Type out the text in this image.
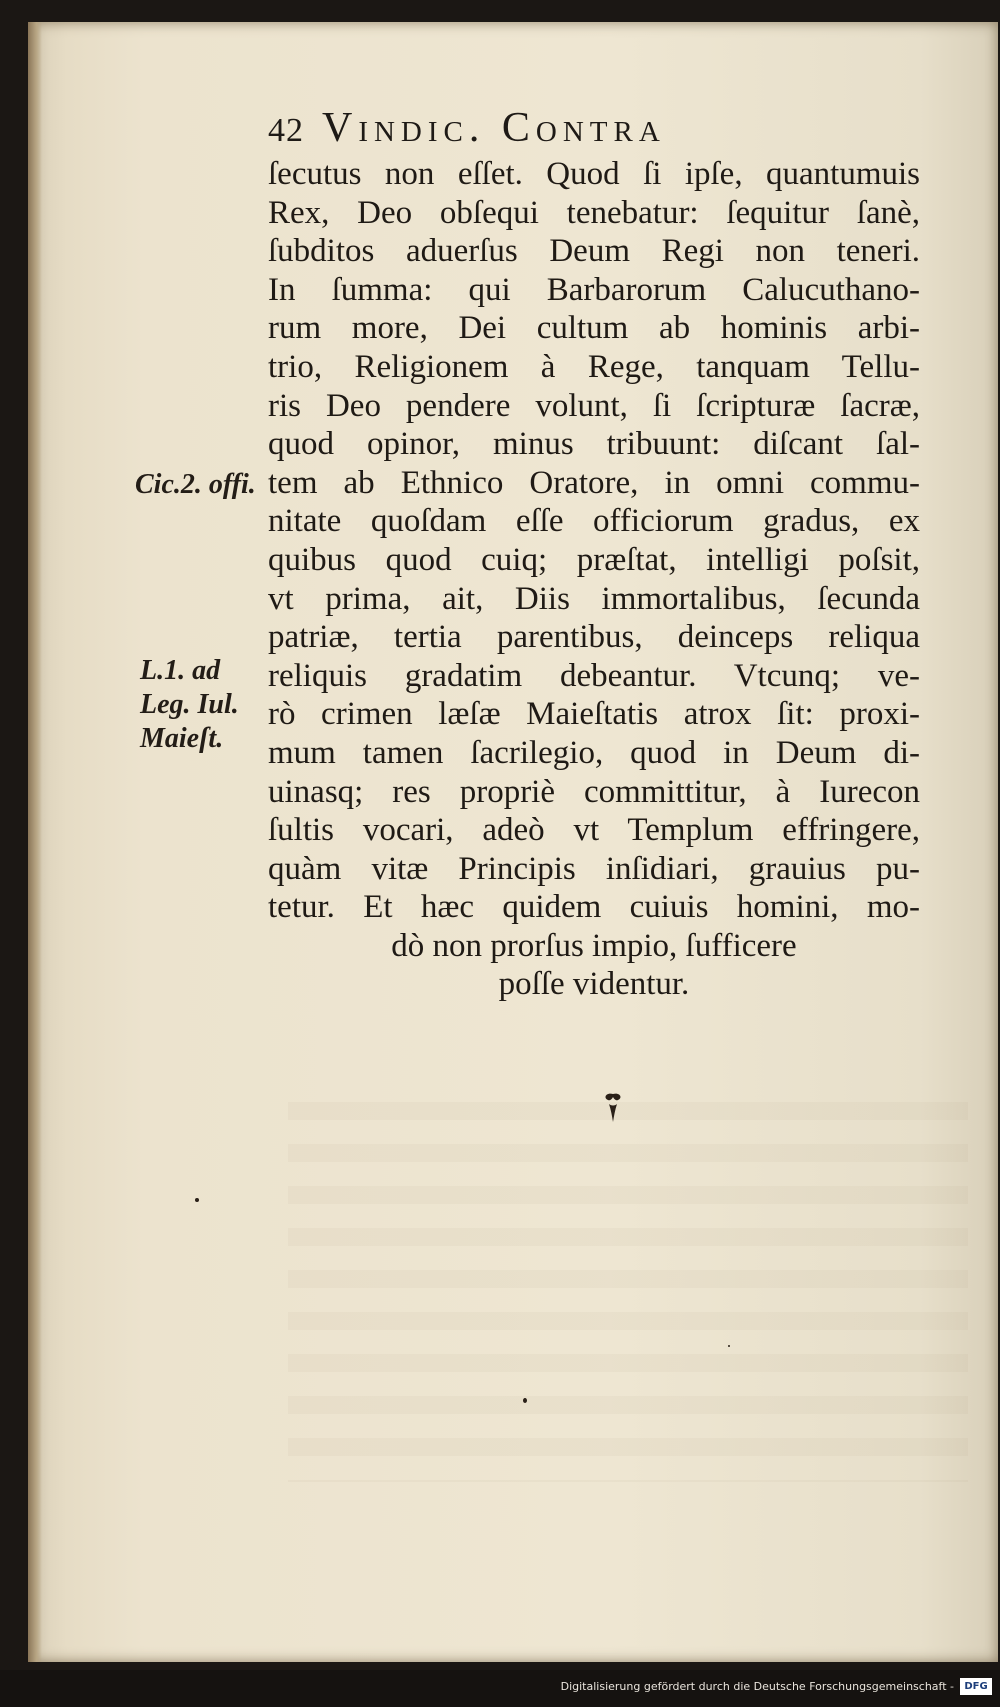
42 Vindic. Contra
ſecutus non eſſet. Quod ſi ipſe, quantumuis
Rex, Deo obſequi tenebatur: ſequitur ſanè,
ſubditos aduerſus Deum Regi non teneri.
In ſumma: qui Barbarorum Calucuthano-
rum more, Dei cultum ab hominis arbi-
trio, Religionem à Rege, tanquam Tellu-
ris Deo pendere volunt, ſi ſcripturæ ſacræ,
quod opinor, minus tribuunt: diſcant ſal-
tem ab Ethnico Oratore, in omni commu-
nitate quoſdam eſſe officiorum gradus, ex
quibus quod cuiq; præſtat, intelligi poſsit,
vt prima, ait, Diis immortalibus, ſecunda
patriæ, tertia parentibus, deinceps reliqua
reliquis gradatim debeantur. Vtcunq; ve-
rò crimen læſæ Maieſtatis atrox ſit: proxi-
mum tamen ſacrilegio, quod in Deum di-
uinasq; res propriè committitur, à Iurecon
ſultis vocari, adeò vt Templum effringere,
quàm vitæ Principis inſidiari, grauius pu-
tetur. Et hæc quidem cuiuis homini, mo-
dò non prorſus impio, ſufficere
poſſe videntur.
Cic.2. offi.
L.1. ad
Leg. Iul.
Maieſt.
Digitalisierung gefördert durch die Deutsche Forschungsgemeinschaft -	DFG
